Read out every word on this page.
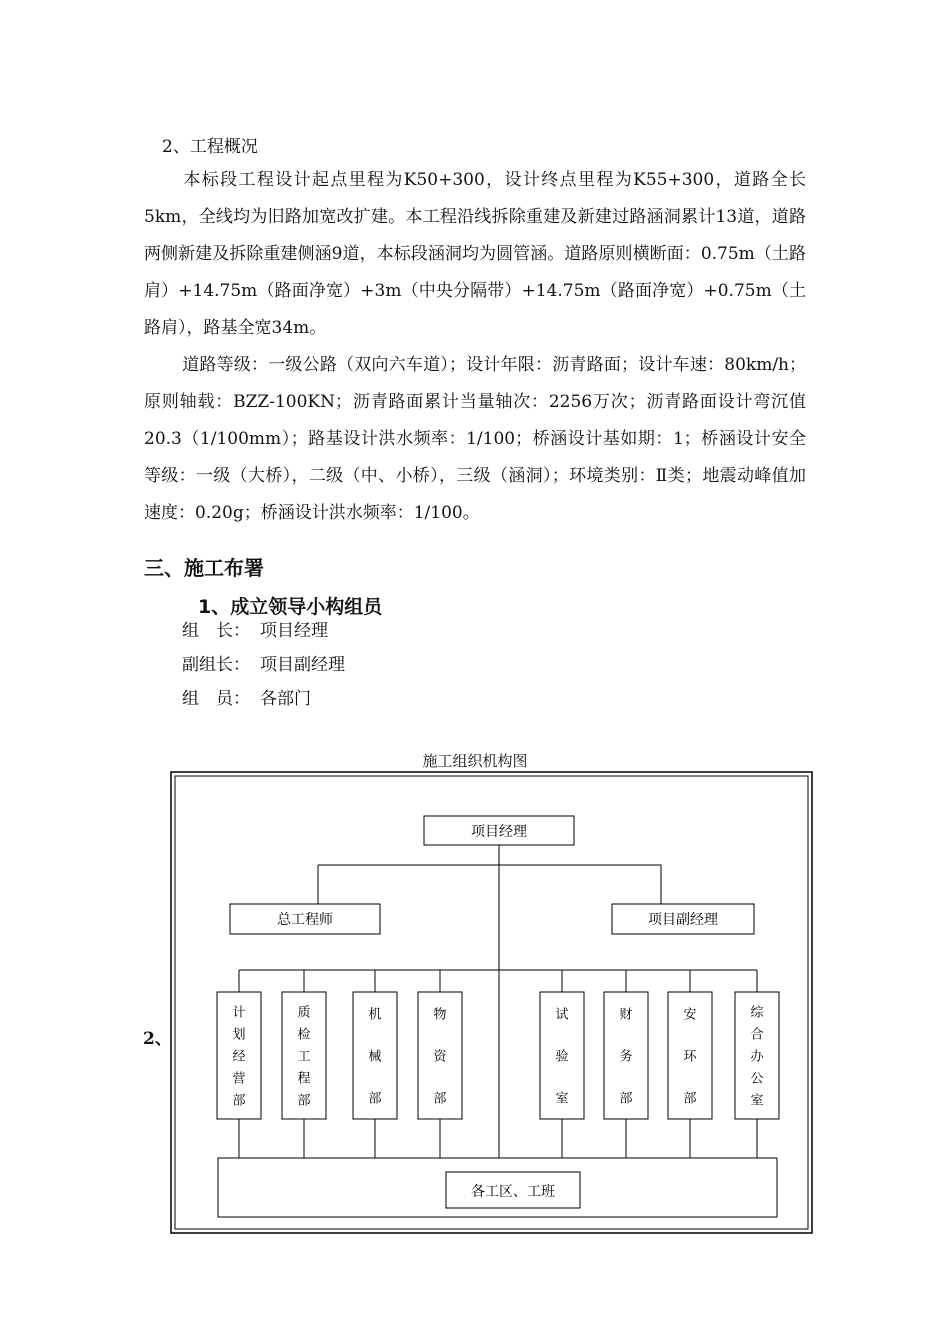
2、工程概况
本标段工程设计起点里程为K50+300，设计终点里程为K55+300，道路全长5km，全线均为旧路加宽改扩建。本工程沿线拆除重建及新建过路涵洞累计13道，道路两侧新建及拆除重建侧涵9道，本标段涵洞均为圆管涵。道路原则横断面：0.75m（土路肩）+14.75m（路面净宽）+3m（中央分隔带）+14.75m（路面净宽）+0.75m（土路肩），路基全宽34m。
道路等级：一级公路（双向六车道）；设计年限：沥青路面；设计车速：80km/h；原则轴载：BZZ-100KN；沥青路面累计当量轴次：2256万次；沥青路面设计弯沉值20.3（1/100mm）；路基设计洪水频率：1/100；桥涵设计基如期：1；桥涵设计安全等级：一级（大桥），二级（中、小桥），三级（涵洞）；环境类别：Ⅱ类；地震动峰值加速度：0.20g；桥涵设计洪水频率：1/100。
三、施工布署
1、成立领导小构组员
组　长： 项目经理
副组长： 项目副经理
组　员： 各部门
施工组织机构图
2、
项目经理
总工程师	项目副经理
计划经营部
质检工程部
机械部
物资部
试验室
财务部
安环部
综合办公室
各工区、工班
